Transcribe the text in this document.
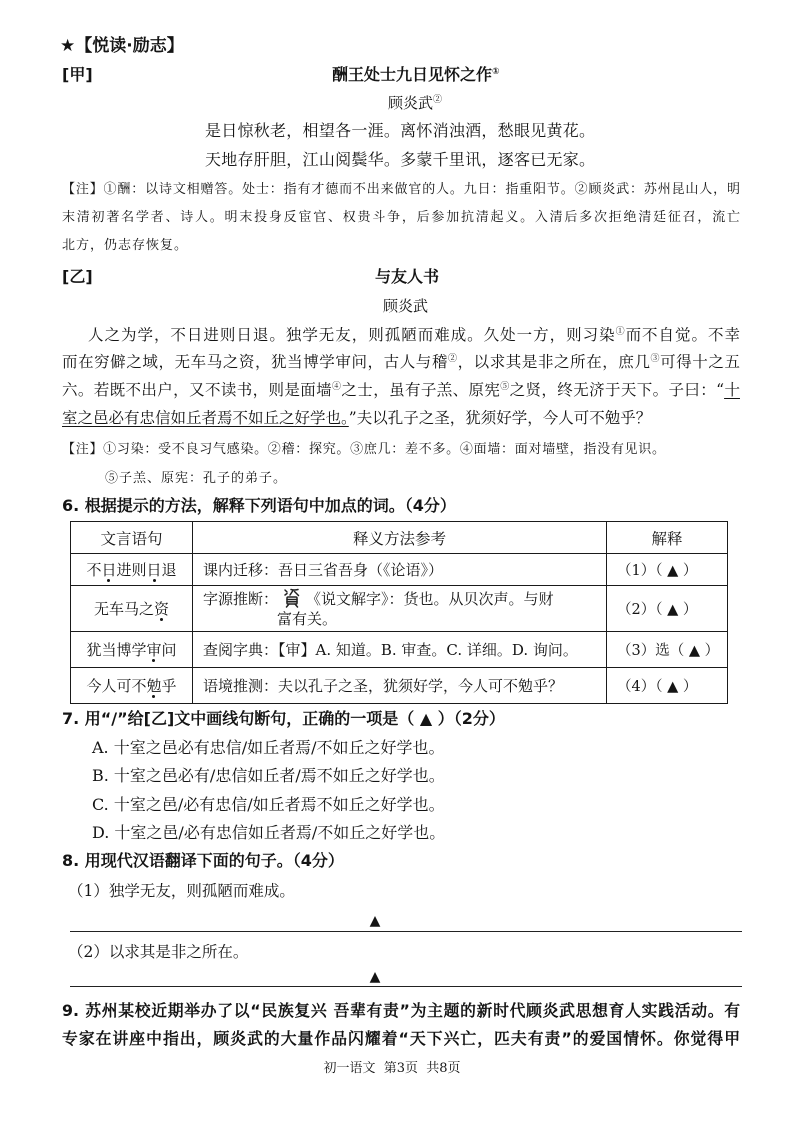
★【悦读·励志】
[甲]	酬王处士九日见怀之作①
顾炎武②
是日惊秋老，相望各一涯。离怀消浊酒，愁眼见黄花。
天地存肝胆，江山阅鬓华。多蒙千里讯，逐客已无家。
【注】①酬：以诗文相赠答。处士：指有才德而不出来做官的人。九日：指重阳节。②顾炎武：苏州昆山人，明
末清初著名学者、诗人。明末投身反宦官、权贵斗争，后参加抗清起义。入清后多次拒绝清廷征召，流亡
北方，仍志存恢复。
[乙]	与友人书
顾炎武
人之为学，不日进则日退。独学无友，则孤陋而难成。久处一方，则习染①而不自觉。不幸
而在穷僻之域，无车马之资，犹当博学审问，古人与稽②，以求其是非之所在，庶几③可得十之五
六。若既不出户，又不读书，则是面墙④之士，虽有子羔、原宪⑤之贤，终无济于天下。子曰：“十
室之邑必有忠信如丘者焉不如丘之好学也。”夫以孔子之圣，犹须好学，今人可不勉乎？
【注】①习染：受不良习气感染。②稽：探究。③庶几：差不多。④面墙：面对墙壁，指没有见识。
⑤子羔、原宪：孔子的弟子。
6. 根据提示的方法，解释下列语句中加点的词。（4分）
文言语句	释义方法参考	解释
不日进则日退	课内迁移：吾日三省吾身（《论语》）	（1）（ ▲ ）
无车马之资	字源推断： 《说文解字》：货也。从贝次声。与财
富有关。	（2）（ ▲ ）
犹当博学审问	查阅字典：【审】A. 知道。B. 审查。C. 详细。D. 询问。	（3）选（ ▲ ）
今人可不勉乎	语境推测：夫以孔子之圣，犹须好学，今人可不勉乎？	（4）（ ▲ ）
7. 用“/”给[乙]文中画线句断句，正确的一项是（ ▲ ）（2分）
A. 十室之邑必有忠信/如丘者焉/不如丘之好学也。
B. 十室之邑必有/忠信如丘者/焉不如丘之好学也。
C. 十室之邑/必有忠信/如丘者焉不如丘之好学也。
D. 十室之邑/必有忠信如丘者焉/不如丘之好学也。
8. 用现代汉语翻译下面的句子。（4分）
（1）独学无友，则孤陋而难成。
▲
（2）以求其是非之所在。
▲
9. 苏州某校近期举办了以“民族复兴 吾辈有责”为主题的新时代顾炎武思想育人实践活动。有
专家在讲座中指出，顾炎武的大量作品闪耀着“天下兴亡，匹夫有责”的爱国情怀。你觉得甲
初一语文  第3页  共8页
